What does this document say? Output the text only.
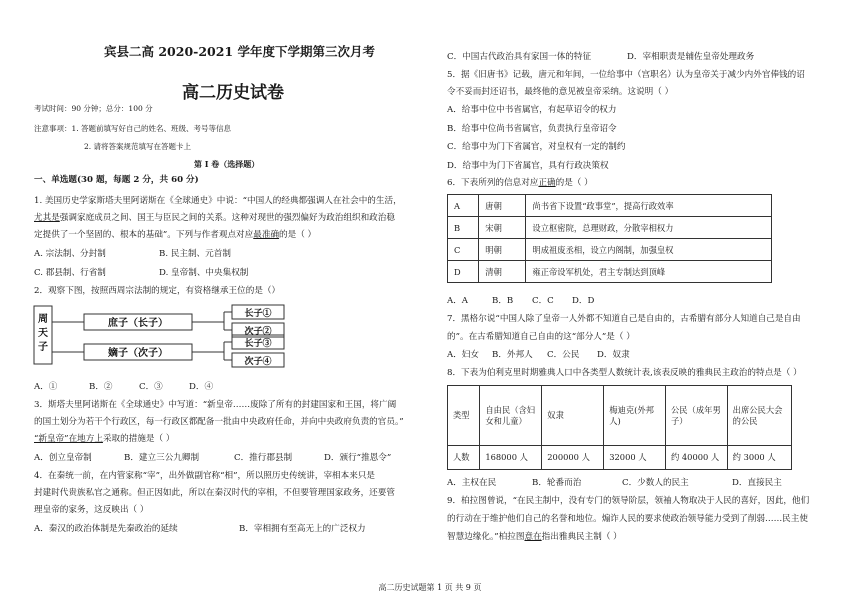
宾县二高 2020-2021 学年度下学期第三次月考
高二历史试卷
考试时间：90 分钟；总分：100 分
注意事项：1. 答题前填写好自己的姓名、班级、考号等信息
2. 请将答案规范填写在答题卡上
第 I 卷（选择题）
一、单选题(30 题，每题 2 分，共 60 分)
1. 美国历史学家斯塔夫里阿诺斯在《全球通史》中说：“中国人的经典都强调人在社会中的生活，
尤其是强调家庭成员之间、国王与臣民之间的关系。这种对现世的强烈偏好为政治组织和政治稳
定提供了一个坚固的、根本的基础”。下列与作者观点对应最准确的是（ ）
A. 宗法制、分封制	B. 民主制、元首制
C. 郡县制、行省制	D. 皇帝制、中央集权制
2．观察下图，按照西周宗法制的规定，有资格继承王位的是（）
周
天
子
庶子（长子）
嫡子（次子）
长子①
次子②
长子③
次子④
A．①	B．②	C．③	D．④
3．斯塔夫里阿诺斯在《全球通史》中写道：“新皇帝……废除了所有的封建国家和王国，将广阔
的国土划分为若干个行政区，每一行政区都配备一批由中央政府任命，并向中央政府负责的官员。”
“新皇帝”在地方上采取的措施是（ ）
A．创立皇帝制	B．建立三公九卿制	C．推行郡县制	D．颁行“推恩令”
4．在秦统一前，在内管家称“宰”，出外做副官称“相”，所以照历史传统讲，宰相本来只是
封建时代贵族私官之通称。但正因如此，所以在秦汉时代的宰相，不但要管理国家政务，还要管
理皇帝的家务，这反映出（ ）
A．秦汉的政治体制是先秦政治的延续	B．宰相拥有至高无上的广泛权力
C．中国古代政治具有家国一体的特征	D．宰相职责是辅佐皇帝处理政务
5．据《旧唐书》记载，唐元和年间，一位给事中（宫职名）认为皇帝关于减少内外官俸钱的诏
令不妥而封还诏书，最终他的意见被皇帝采纳。这说明（ ）
A．给事中位中书省属官，有起草诏令的权力
B．给事中位尚书省属官，负责执行皇帝诏令
C．给事中为门下省属官，对皇权有一定的制约
D．给事中为门下省属官，具有行政决策权
6．下表所列的信息对应正确的是（ ）
A	唐朝	尚书省下设置“政事堂”，提高行政效率
B	宋朝	设立枢密院，总理财政，分散宰相权力
C	明朝	明成祖废丞相，设立内阁制，加强皇权
D	清朝	雍正帝设军机处，君主专制达到顶峰
A．A	B．B C．C D．D
7．黑格尔说“中国人除了皇帝一人外都不知道自己是自由的，古希腊有部分人知道自己是自由
的”。在古希腊知道自己自由的这“部分人”是（ ）
A．妇女 B．外邦人 C．公民 D．奴隶
8．下表为伯利克里时期雅典人口中各类型人数统计表,该表反映的雅典民主政治的特点是（ ）
类型	自由民（含妇女和儿童）	奴隶	梅迪克(外邦人)	公民（成年男子）	出席公民大会的公民
人数	168000 人	200000 人	32000 人	约 40000 人	约 3000 人
A．主权在民	B．轮番而治	C．少数人的民主	D．直接民主
9．柏拉图曾说，“在民主制中，没有专门的领导阶层，领袖人物取决于人民的喜好，因此，他们
的行动在于维护他们自己的名誉和地位。煽诈人民的要求使政治领导能力受到了削弱……民主使
智慧边缘化。”柏拉图意在指出雅典民主制（ ）
高二历史试题第 1 页 共 9 页
